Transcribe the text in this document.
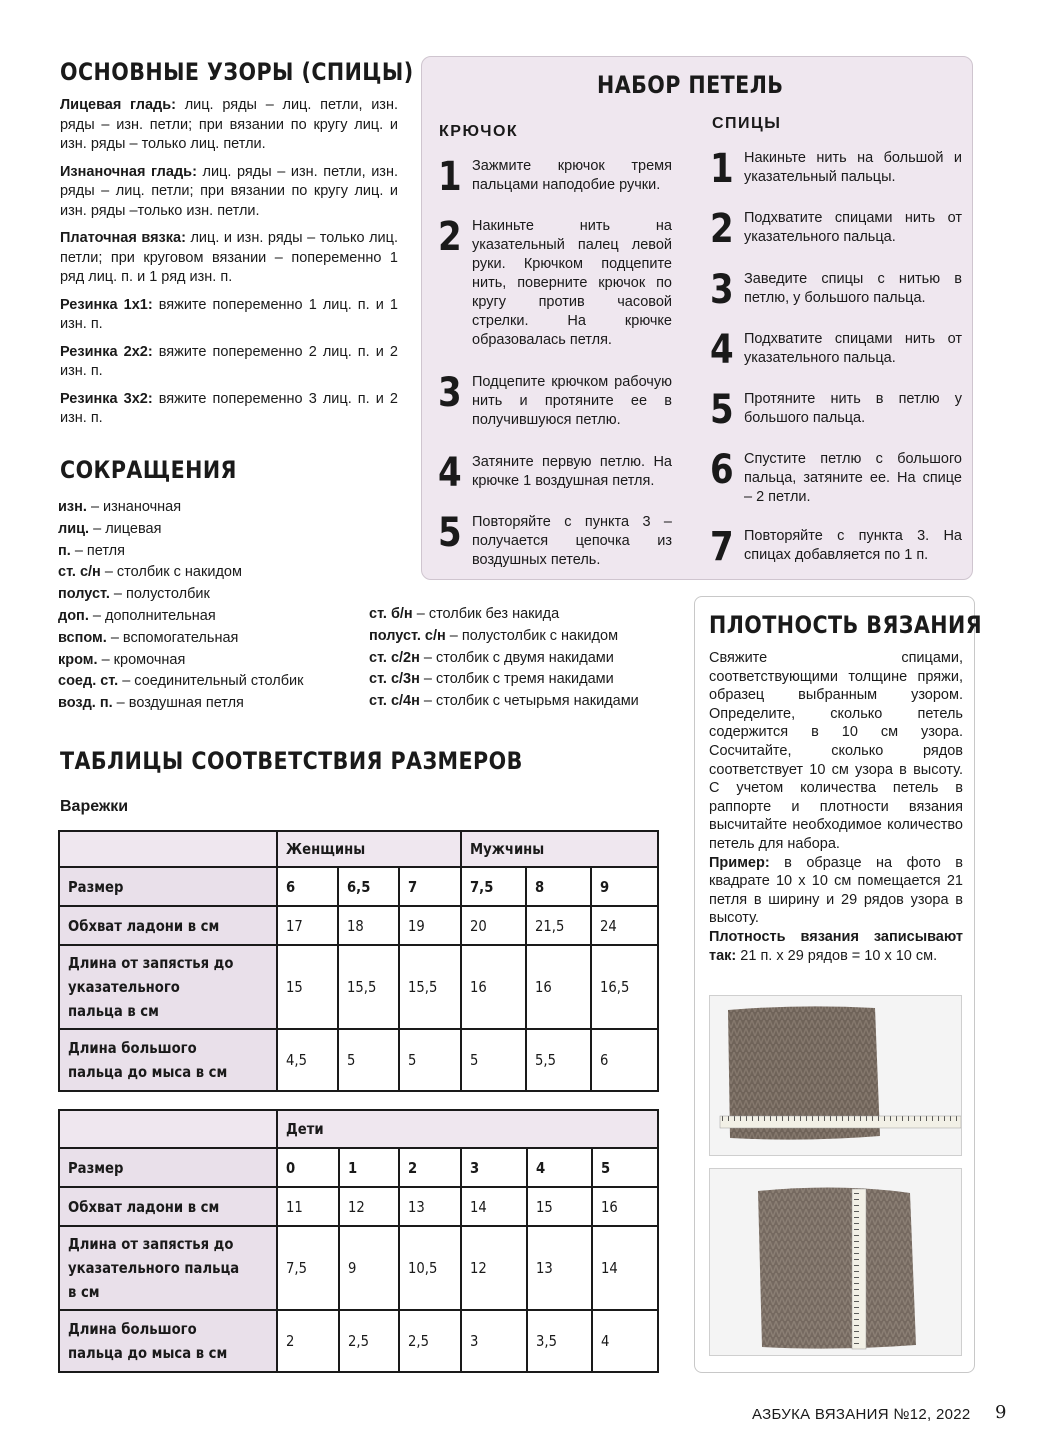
ОСНОВНЫЕ УЗОРЫ (СПИЦЫ)

Лицевая гладь: лиц. ряды – лиц. петли, изн. ряды – изн. петли; при вязании по кругу лиц. и изн. ряды – только лиц. петли.

Изнаночная гладь: лиц. ряды – изн. петли, изн. ряды – лиц. петли; при вязании по кругу лиц. и изн. ряды –только изн. петли.

Платочная вязка: лиц. и изн. ряды – только лиц. петли; при круговом вязании – попеременно 1 ряд лиц. п. и 1 ряд изн. п.

Резинка 1х1: вяжите попеременно 1 лиц. п. и 1 изн. п.

Резинка 2х2: вяжите попеременно 2 лиц. п. и 2 изн. п.

Резинка 3х2: вяжите попеременно 3 лиц. п. и 2 изн. п.

СОКРАЩЕНИЯ
изн. – изнаночная
лиц. – лицевая
п. – петля
ст. с/н – столбик с накидом
полуст. – полустолбик
доп. – дополнительная
вспом. – вспомогательная
кром. – кромочная
соед. ст. – соединительный столбик
возд. п. – воздушная петля
ст. б/н – столбик без накида
полуст. с/н – полустолбик с накидом
ст. с/2н – столбик с двумя накидами
ст. с/3н – столбик с тремя накидами
ст. с/4н – столбик с четырьмя накидами
ТАБЛИЦЫ СООТВЕТСТВИЯ РАЗМЕРОВ
Варежки
	Женщины			Мужчины		
Размер	6	6,5	7	7,5	8	9
Обхват ладони в см	17	18	19	20	21,5	24

Длина от запястья до указательного пальца в см	15	15,5	15,5	16	16	16,5

Длина большого пальца до мыса в см	4,5	5	5	5	5,5	6
	Дети					
Размер	0	1	2	3	4	5
Обхват ладони в см	11	12	13	14	15	16

Длина от запястья до указательного пальца в см	7,5	9	10,5	12	13	14

Длина большого пальца до мыса в см	2	2,5	2,5	3	3,5	4
НАБОР ПЕТЕЛЬ
КРЮЧОК	СПИЦЫ
1 Зажмите крючок тремя пальцами наподобие ручки.
2 Накиньте нить на указательный палец левой руки. Крючком подцепите нить, поверните крючок по кругу против часовой стрелки. На крючке образовалась петля.
3 Подцепите крючком рабочую нить и протяните ее в получившуюся петлю.
4 Затяните первую петлю. На крючке 1 воздушная петля.
5 Повторяйте с пункта 3 – получается цепочка из воздушных петель.
1 Накиньте нить на большой и указательный пальцы.
2 Подхватите спицами нить от указательного пальца.
3 Заведите спицы с нитью в петлю, у большого пальца.
4 Подхватите спицами нить от указательного пальца.
5 Протяните нить в петлю у большого пальца.
6 Спустите петлю с большого пальца, затяните ее. На спице – 2 петли.
7 Повторяйте с пункта 3. На спицах добавляется по 1 п.
ПЛОТНОСТЬ ВЯЗАНИЯ

Свяжите спицами, соответствующими толщине пряжи, образец выбранным узором. Определите, сколько петель содержится в 10 см узора. Сосчитайте, сколько рядов соответствует 10 см узора в высоту. С учетом количества петель в раппорте и плотности вязания высчитайте необходимое количество петель для набора.

Пример: в образце на фото в квадрате 10 х 10 см помещается 21 петля в ширину и 29 рядов узора в высоту.

Плотность вязания записывают так: 21 п. х 29 рядов = 10 х 10 см.

АЗБУКА ВЯЗАНИЯ №12, 2022 9
